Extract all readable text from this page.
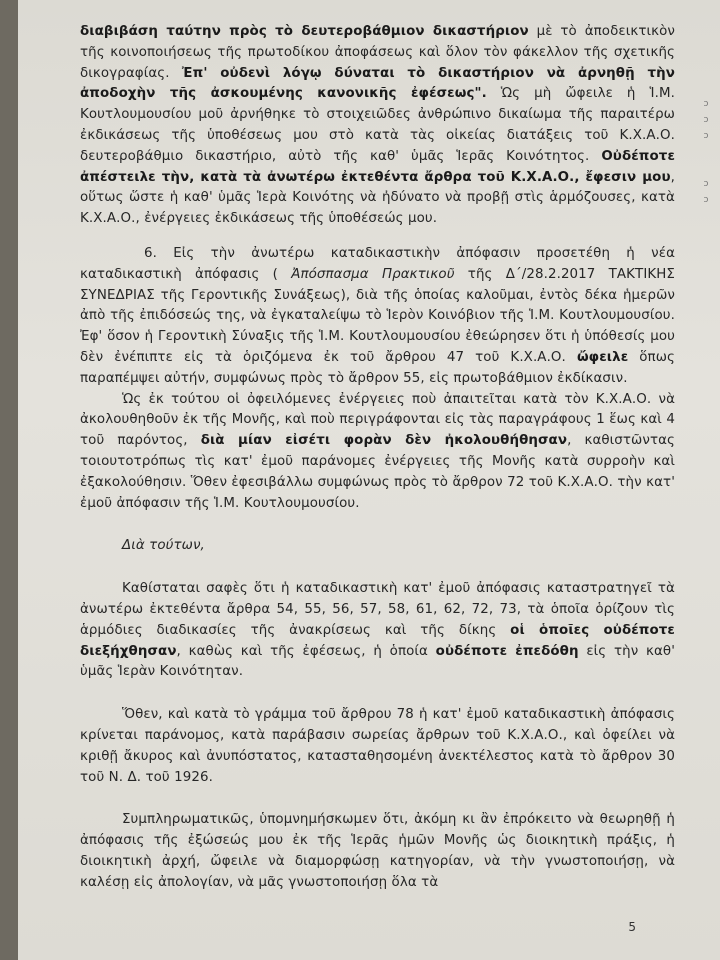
ͻ
ͻ
ͻ

ͻ
ͻ

διαβιβάση ταύτην πρὸς τὸ δευτεροβάθμιον δικαστήριον μὲ τὸ ἀποδεικτικὸν τῆς κοινοποιήσεως τῆς πρωτοδίκου ἀποφάσεως καὶ ὅλον τὸν φάκελλον τῆς σχετικῆς δικογραφίας. Ἐπ' οὐδενὶ λόγῳ δύναται τὸ δικαστήριον νὰ ἀρνηθῇ τὴν ἀποδοχὴν τῆς ἀσκουμένης κανονικῆς ἐφέσεως". Ὡς μὴ ὤφειλε ἡ Ἱ.Μ. Κουτλουμουσίου μοῦ ἀρνήθηκε τὸ στοιχειῶδες ἀνθρώπινο δικαίωμα τῆς παραιτέρω ἐκδικάσεως τῆς ὑποθέσεως μου στὸ κατὰ τὰς οἰκείας διατάξεις τοῦ Κ.Χ.Α.Ο. δευτεροβάθμιο δικαστήριο, αὐτὸ τῆς καθ' ὑμᾶς Ἱερᾶς Κοινότητος. Οὐδέποτε ἀπέστειλε τὴν, κατὰ τὰ ἀνωτέρω ἐκτεθέντα ἄρθρα τοῦ Κ.Χ.Α.Ο., ἔφεσιν μου, οὕτως ὥστε ἡ καθ' ὑμᾶς Ἱερὰ Κοινότης νὰ ἠδύνατο νὰ προβῇ στὶς ἁρμόζουσες, κατὰ Κ.Χ.Α.Ο., ἐνέργειες ἐκδικάσεως τῆς ὑποθέσεώς μου.

6. Εἰς τὴν ἀνωτέρω καταδικαστικὴν ἀπόφασιν προσετέθη ἡ νέα καταδικαστικὴ ἀπόφασις ( Ἀπόσπασμα Πρακτικοῦ τῆς Δ΄/28.2.2017 ΤΑΚΤΙΚΗΣ ΣΥΝΕΔΡΙΑΣ τῆς Γεροντικῆς Συνάξεως), διὰ τῆς ὁποίας καλοῦμαι, ἐντὸς δέκα ἡμερῶν ἀπὸ τῆς ἐπιδόσεώς της, νὰ ἐγκαταλείψω τὸ Ἱερὸν Κοινόβιον τῆς Ἱ.Μ. Κουτλουμουσίου. Ἐφ' ὅσον ἡ Γεροντικὴ Σύναξις τῆς Ἱ.Μ. Κουτλουμουσίου ἐθεώρησεν ὅτι ἡ ὑπόθεσίς μου δὲν ἐνέπιπτε εἰς τὰ ὁριζόμενα ἐκ τοῦ ἄρθρου 47 τοῦ Κ.Χ.Α.Ο. ὤφειλε ὅπως παραπέμψει αὐτήν, συμφώνως πρὸς τὸ ἄρθρον 55, εἰς πρωτοβάθμιον ἐκδίκασιν.

Ὡς ἐκ τούτου οἱ ὀφειλόμενες ἐνέργειες ποὺ ἀπαιτεῖται κατὰ τὸν Κ.Χ.Α.Ο. νὰ ἀκολουθηθοῦν ἐκ τῆς Μονῆς, καὶ ποὺ περιγράφονται εἰς τὰς παραγράφους 1 ἕως καὶ 4 τοῦ παρόντος, διὰ μίαν εἰσέτι φορὰν δὲν ἠκολουθήθησαν, καθιστῶντας τοιουτοτρόπως τὶς κατ' ἐμοῦ παράνομες ἐνέργειες τῆς Μονῆς κατὰ συρροὴν καὶ ἐξακολούθησιν. Ὅθεν ἐφεσιβάλλω συμφώνως πρὸς τὸ ἄρθρον 72 τοῦ Κ.Χ.Α.Ο. τὴν κατ' ἐμοῦ ἀπόφασιν τῆς Ἱ.Μ. Κουτλουμουσίου.

Διὰ τούτων,

Καθίσταται σαφὲς ὅτι ἡ καταδικαστικὴ κατ' ἐμοῦ ἀπόφασις καταστρατηγεῖ τὰ ἀνωτέρω ἐκτεθέντα ἄρθρα 54, 55, 56, 57, 58, 61, 62, 72, 73, τὰ ὁποῖα ὁρίζουν τὶς ἁρμόδιες διαδικασίες τῆς ἀνακρίσεως καὶ τῆς δίκης οἱ ὁποῖες οὐδέποτε διεξήχθησαν, καθὼς καὶ τῆς ἐφέσεως, ἡ ὁποία οὐδέποτε ἐπεδόθη εἰς τὴν καθ' ὑμᾶς Ἱερὰν Κοινότηταν.

Ὅθεν, καὶ κατὰ τὸ γράμμα τοῦ ἄρθρου 78 ἡ κατ' ἐμοῦ καταδικαστικὴ ἀπόφασις κρίνεται παράνομος, κατὰ παράβασιν σωρείας ἄρθρων τοῦ Κ.Χ.Α.Ο., καὶ ὀφείλει νὰ κριθῇ ἄκυρος καὶ ἀνυπόστατος, κατασταθησομένη ἀνεκτέλεστος κατὰ τὸ ἄρθρον 30 τοῦ Ν. Δ. τοῦ 1926.

Συμπληρωματικῶς, ὑπομνημήσκωμεν ὅτι, ἀκόμη κι ἂν ἐπρόκειτο νὰ θεωρηθῇ ἡ ἀπόφασις τῆς ἐξώσεώς μου ἐκ τῆς Ἱερᾶς ἡμῶν Μονῆς ὡς διοικητικὴ πράξις, ἡ διοικητικὴ ἀρχή, ὤφειλε νὰ διαμορφώσῃ κατηγορίαν, νὰ τὴν γνωστοποιήσῃ, νὰ καλέσῃ εἰς ἀπολογίαν, νὰ μᾶς γνωστοποιήσῃ ὅλα τὰ

5
